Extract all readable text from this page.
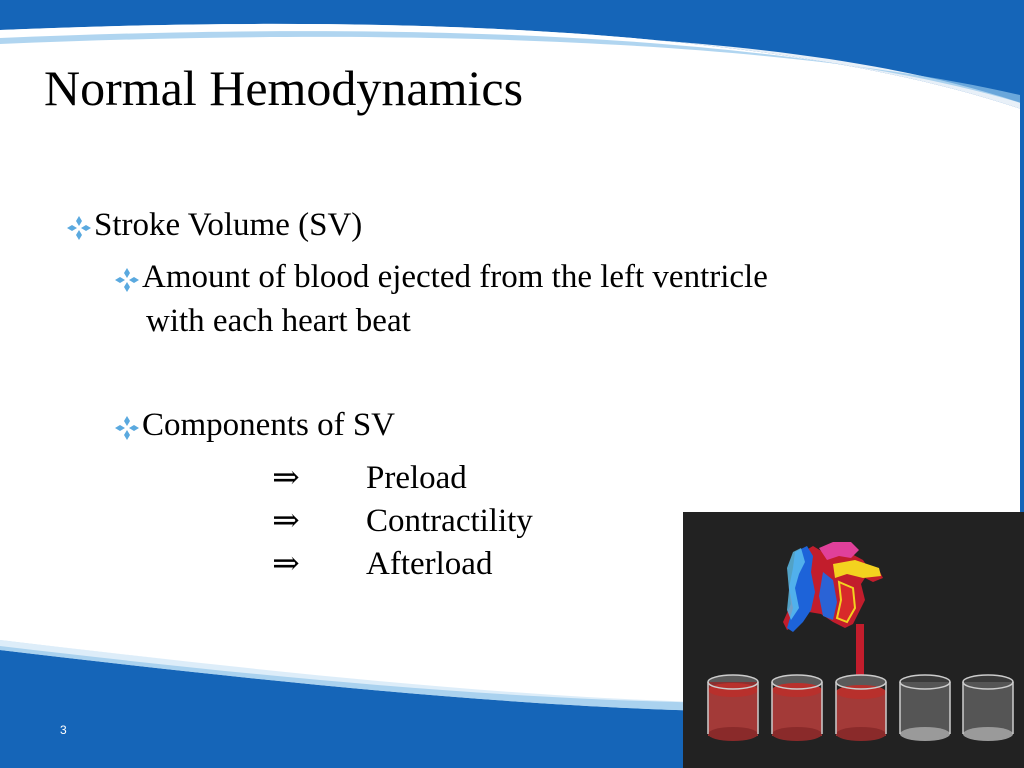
Normal Hemodynamics
Stroke Volume (SV)
Amount of blood ejected from the left ventricle
with each heart beat
Components of SV
⇒ Preload
⇒ Contractility
⇒ Afterload
3
